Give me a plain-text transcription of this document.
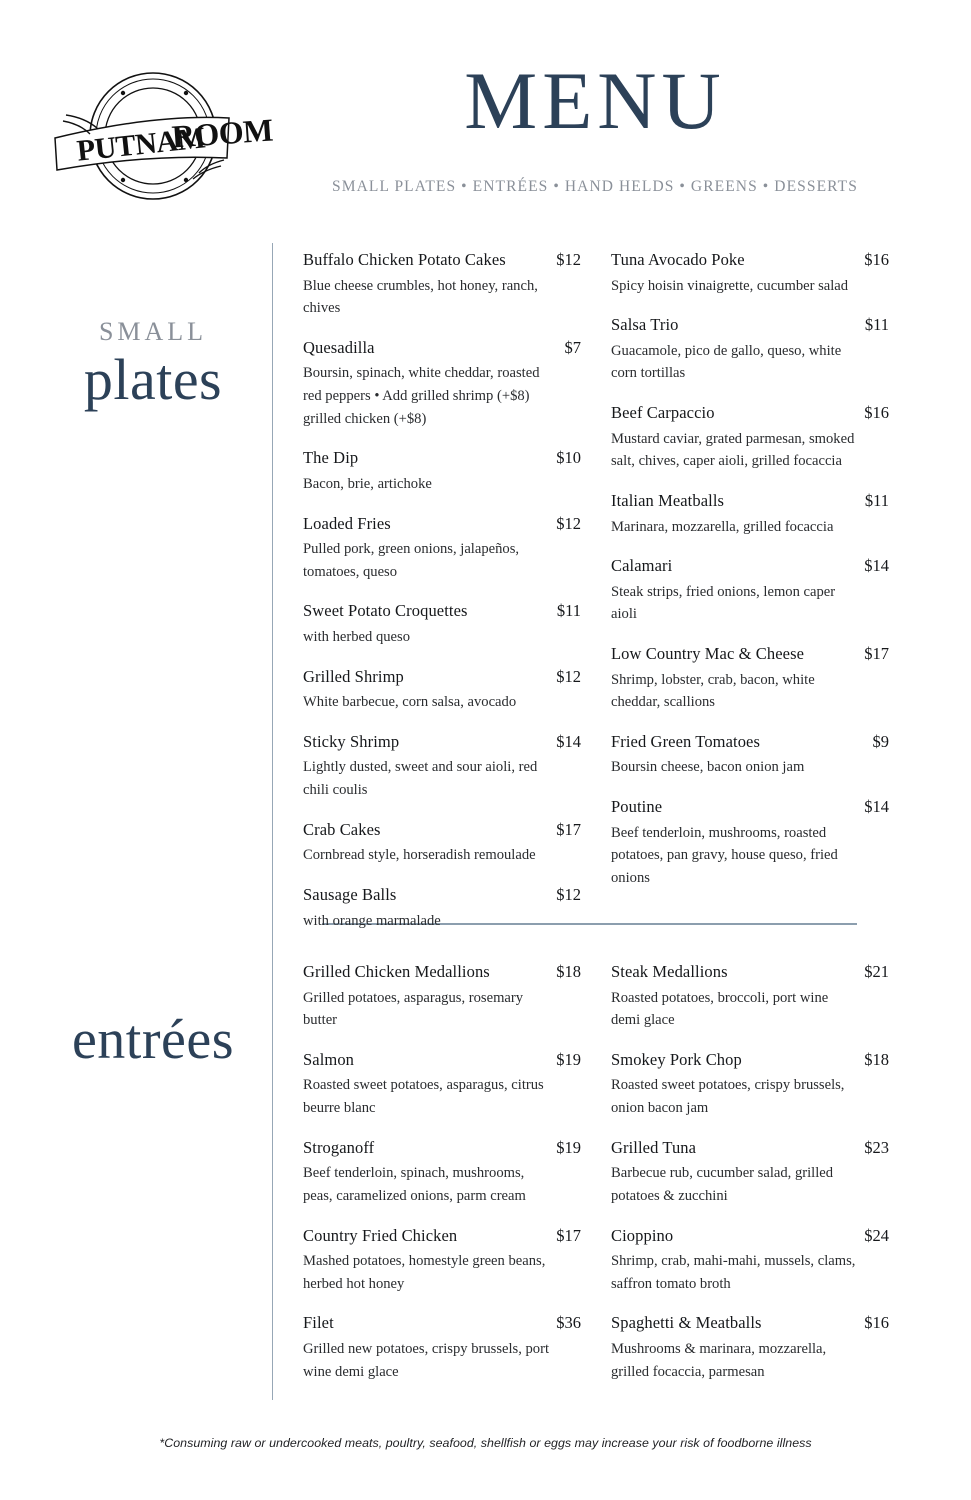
PUTNAM
ROOM	MENU
SMALL PLATES • ENTRÉES • HAND HELDS • GREENS • DESSERTS
SMALL
plates
entrées
Buffalo Chicken Potato Cakes	$12
Blue cheese crumbles, hot honey, ranch, chives
Quesadilla	$7
Boursin, spinach, white cheddar, roasted red peppers • Add grilled shrimp (+$8) grilled chicken (+$8)
The Dip	$10
Bacon, brie, artichoke
Loaded Fries	$12
Pulled pork, green onions, jalapeños, tomatoes, queso
Sweet Potato Croquettes	$11
with herbed queso
Grilled Shrimp	$12
White barbecue, corn salsa, avocado
Sticky Shrimp	$14
Lightly dusted, sweet and sour aioli, red chili coulis
Crab Cakes	$17
Cornbread style, horseradish remoulade
Sausage Balls	$12
with orange marmalade
Tuna Avocado Poke	$16
Spicy hoisin vinaigrette, cucumber salad
Salsa Trio	$11
Guacamole, pico de gallo, queso, white corn tortillas
Beef Carpaccio	$16
Mustard caviar, grated parmesan, smoked salt, chives, caper aioli, grilled focaccia
Italian Meatballs	$11
Marinara, mozzarella, grilled focaccia
Calamari	$14
Steak strips, fried onions, lemon caper aioli
Low Country Mac & Cheese	$17
Shrimp, lobster, crab, bacon, white cheddar, scallions
Fried Green Tomatoes	$9
Boursin cheese, bacon onion jam
Poutine	$14
Beef tenderloin, mushrooms, roasted potatoes, pan gravy, house queso, fried onions
Grilled Chicken Medallions	$18
Grilled potatoes, asparagus, rosemary butter
Salmon	$19
Roasted sweet potatoes, asparagus, citrus beurre blanc
Stroganoff	$19
Beef tenderloin, spinach, mushrooms, peas, caramelized onions, parm cream
Country Fried Chicken	$17
Mashed potatoes, homestyle green beans, herbed hot honey
Filet	$36
Grilled new potatoes, crispy brussels, port wine demi glace
Steak Medallions	$21
Roasted potatoes, broccoli, port wine demi glace
Smokey Pork Chop	$18
Roasted sweet potatoes, crispy brussels, onion bacon jam
Grilled Tuna	$23
Barbecue rub, cucumber salad, grilled potatoes & zucchini
Cioppino	$24
Shrimp, crab, mahi-mahi, mussels, clams, saffron tomato broth
Spaghetti & Meatballs	$16
Mushrooms & marinara, mozzarella, grilled focaccia, parmesan
*Consuming raw or undercooked meats, poultry, seafood, shellfish or eggs may increase your risk of foodborne illness
